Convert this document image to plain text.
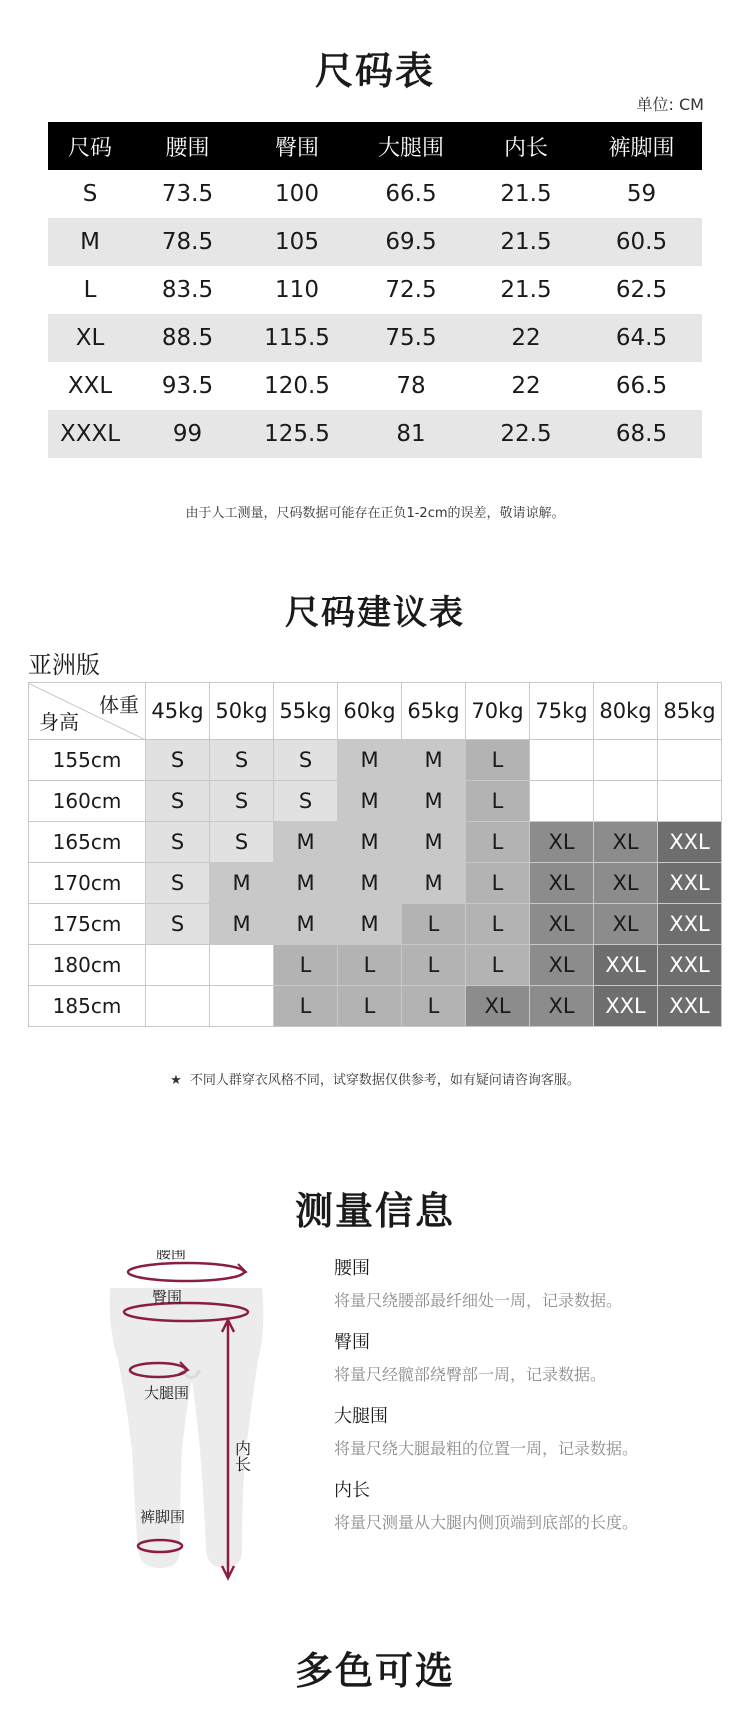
尺码表
单位: CM
尺码	腰围	臀围	大腿围	内长	裤脚围
S	73.5	100	66.5	21.5	59
M	78.5	105	69.5	21.5	60.5
L	83.5	110	72.5	21.5	62.5
XL	88.5	115.5	75.5	22	64.5
XXL	93.5	120.5	78	22	66.5
XXXL	99	125.5	81	22.5	68.5
由于人工测量，尺码数据可能存在正负1-2cm的误差，敬请谅解。
尺码建议表
亚洲版
体重
身高	45kg	50kg	55kg	60kg	65kg	70kg	75kg	80kg	85kg
155cm	S	S	S	M	M	L			
160cm	S	S	S	M	M	L			
165cm	S	S	M	M	M	L	XL	XL	XXL
170cm	S	M	M	M	M	L	XL	XL	XXL
175cm	S	M	M	M	L	L	XL	XL	XXL
180cm			L	L	L	L	XL	XXL	XXL
185cm			L	L	L	XL	XL	XXL	XXL
★ 不同人群穿衣风格不同，试穿数据仅供参考，如有疑问请咨询客服。
测量信息
腰围
臀围
大腿围
裤脚围
内长
腰围
将量尺绕腰部最纤细处一周，记录数据。
臀围
将量尺经髋部绕臀部一周，记录数据。
大腿围
将量尺绕大腿最粗的位置一周，记录数据。
内长
将量尺测量从大腿内侧顶端到底部的长度。
多色可选
